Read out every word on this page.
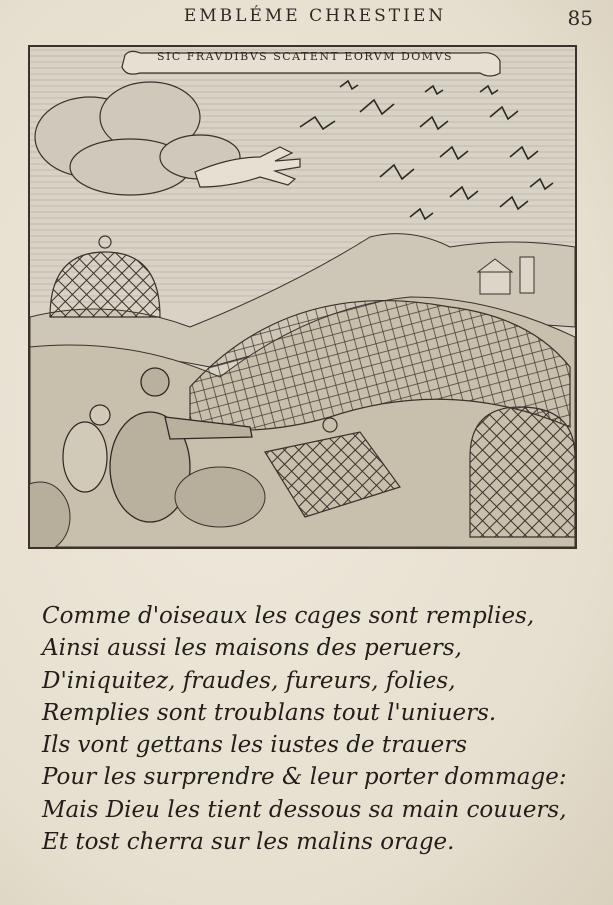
EMBLÉME CHRESTIEN	85
SIC FRAVDIBVS SCATENT EORVM DOMVS
Comme d'oiseaux les cages sont remplies,
Ainsi aussi les maisons des peruers,
D'iniquitez, fraudes, fureurs, folies,
Remplies sont troublans tout l'uniuers.
Ils vont gettans les iustes de trauers
Pour les surprendre & leur porter dommage:
Mais Dieu les tient dessous sa main couuers,
Et tost cherra sur les malins orage.
